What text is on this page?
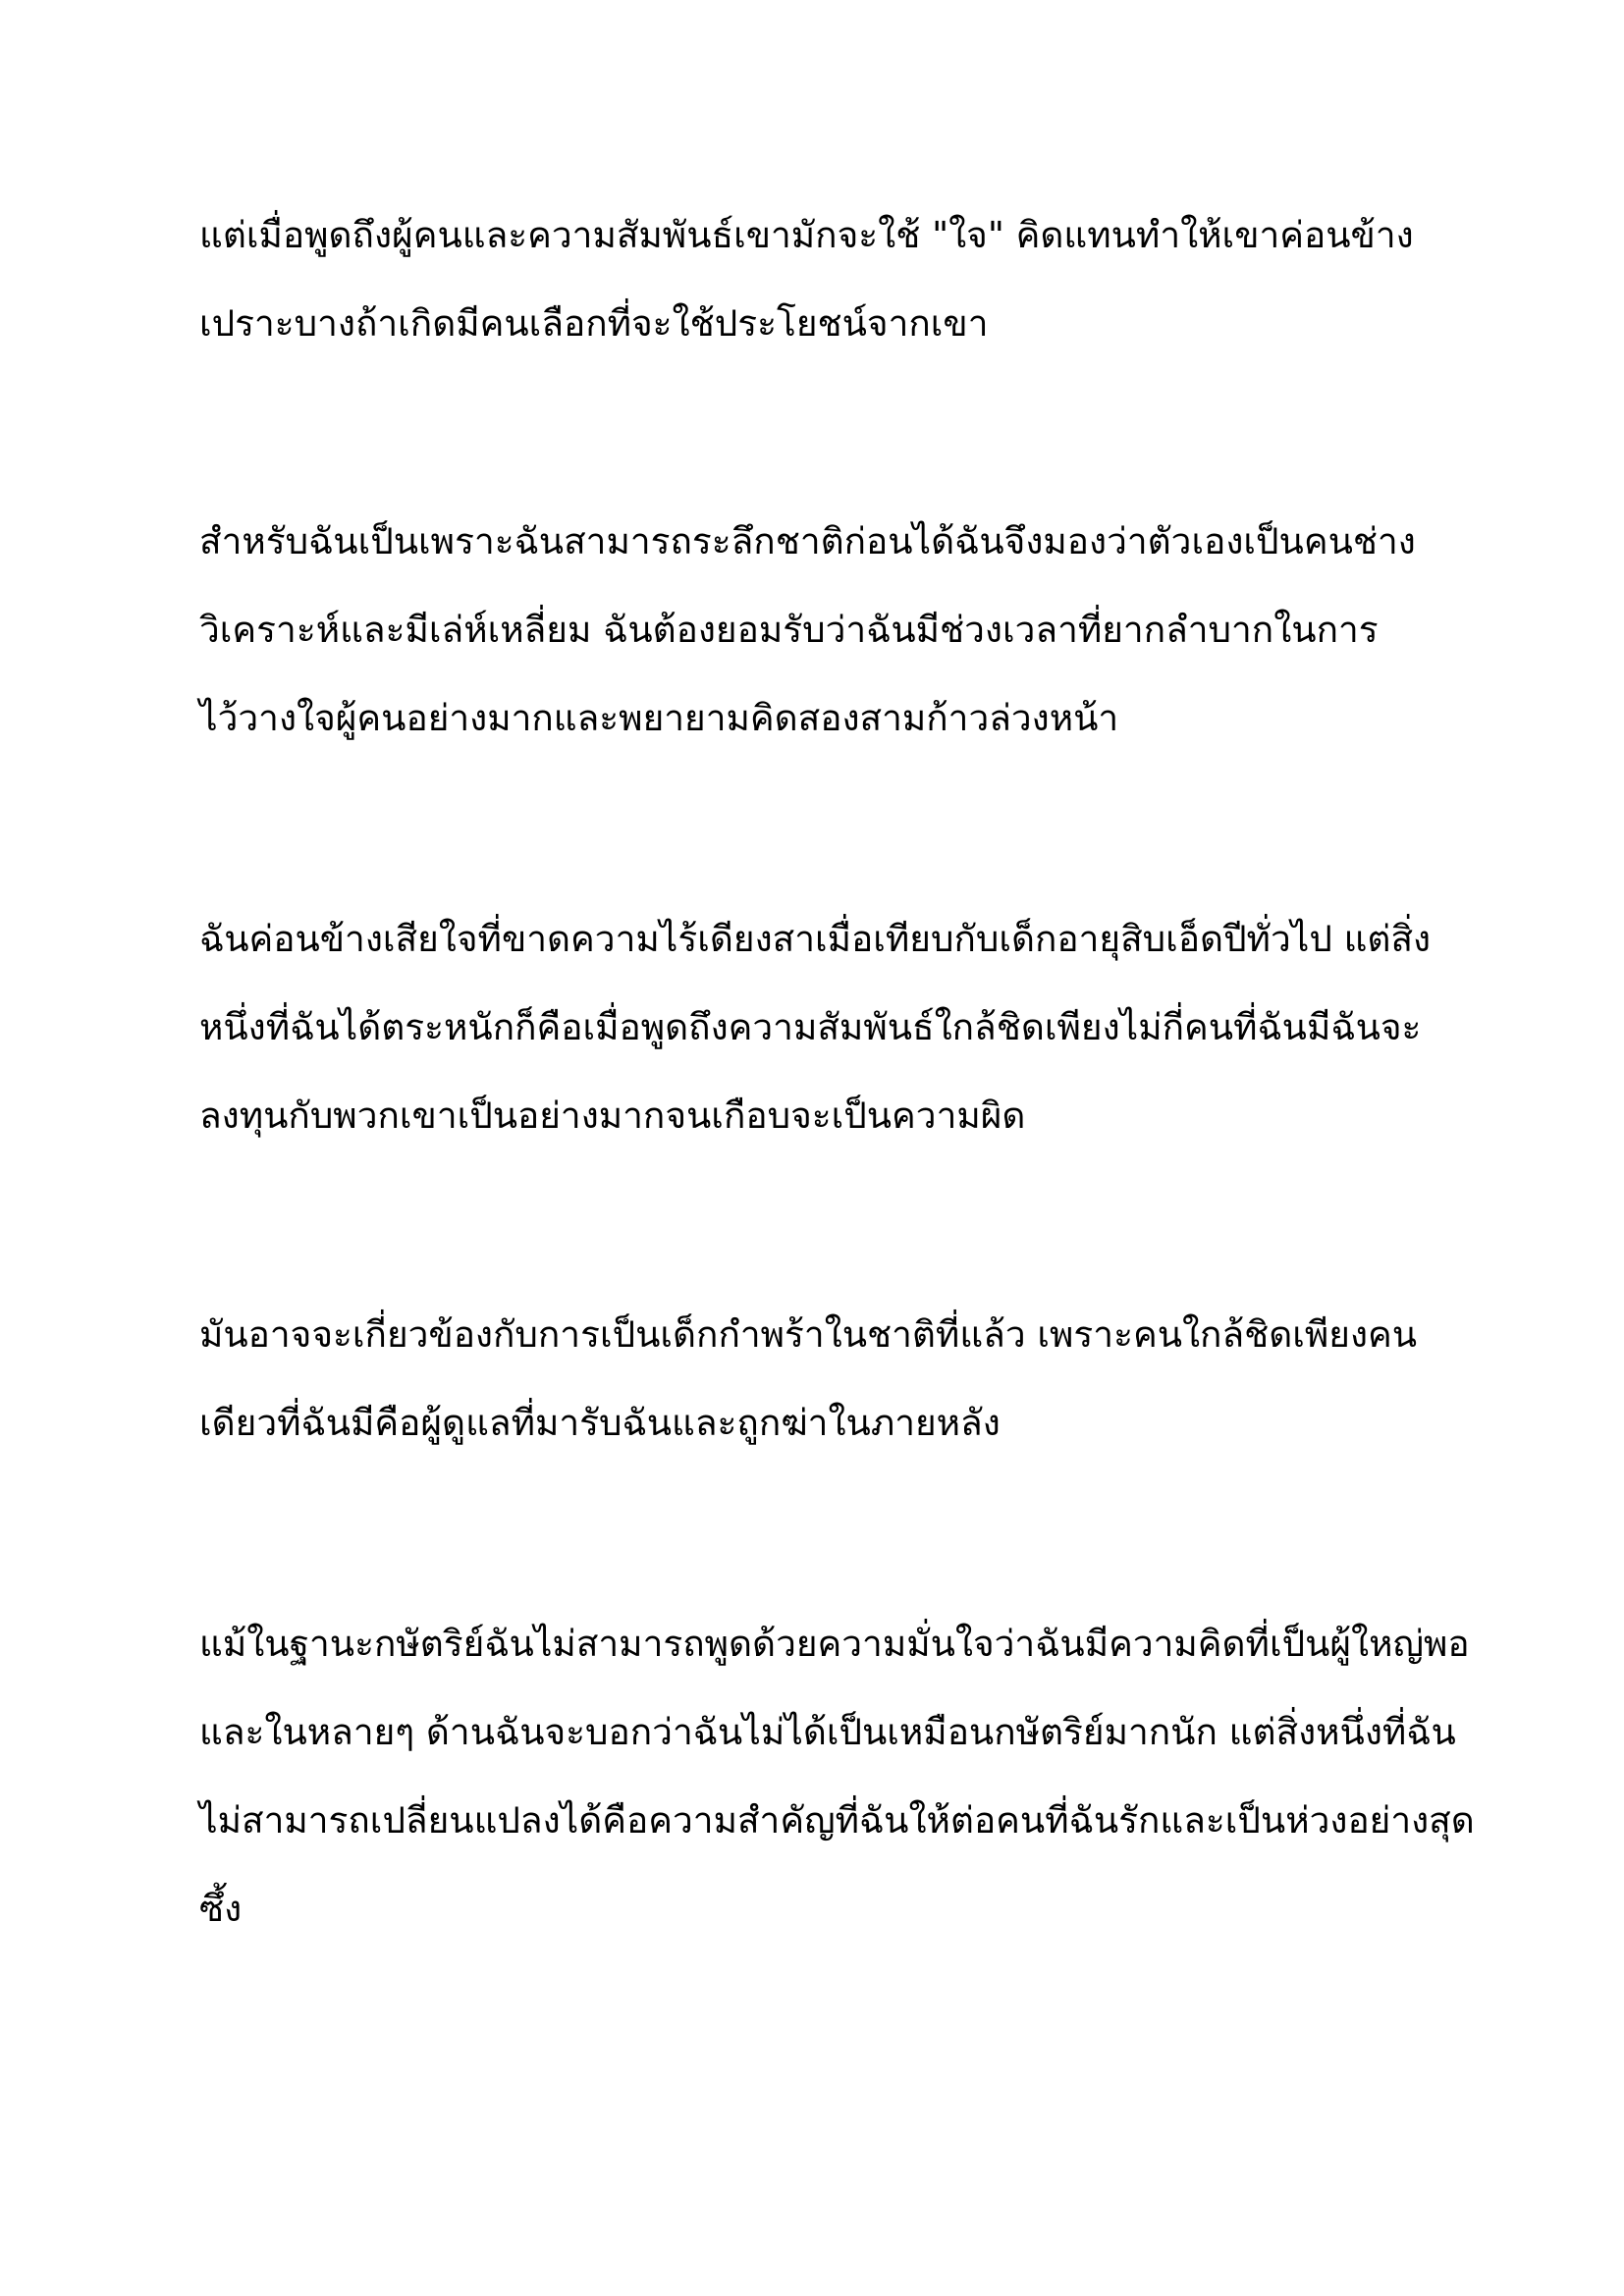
แต่เมื่อพูดถึงผู้คนและความสัมพันธ์เขามักจะใช้ "ใจ" คิดแทนทำให้เขาค่อนข้าง
เปราะบางถ้าเกิดมีคนเลือกที่จะใช้ประโยชน์จากเขา
สำหรับฉันเป็นเพราะฉันสามารถระลึกชาติก่อนได้ฉันจึงมองว่าตัวเองเป็นคนช่าง
วิเคราะห์และมีเล่ห์เหลี่ยม ฉันต้องยอมรับว่าฉันมีช่วงเวลาที่ยากลำบากในการ
ไว้วางใจผู้คนอย่างมากและพยายามคิดสองสามก้าวล่วงหน้า
ฉันค่อนข้างเสียใจที่ขาดความไร้เดียงสาเมื่อเทียบกับเด็กอายุสิบเอ็ดปีทั่วไป แต่สิ่ง
หนึ่งที่ฉันได้ตระหนักก็คือเมื่อพูดถึงความสัมพันธ์ใกล้ชิดเพียงไม่กี่คนที่ฉันมีฉันจะ
ลงทุนกับพวกเขาเป็นอย่างมากจนเกือบจะเป็นความผิด
มันอาจจะเกี่ยวข้องกับการเป็นเด็กกำพร้าในชาติที่แล้ว เพราะคนใกล้ชิดเพียงคน
เดียวที่ฉันมีคือผู้ดูแลที่มารับฉันและถูกฆ่าในภายหลัง
แม้ในฐานะกษัตริย์ฉันไม่สามารถพูดด้วยความมั่นใจว่าฉันมีความคิดที่เป็นผู้ใหญ่พอ
และในหลายๆ ด้านฉันจะบอกว่าฉันไม่ได้เป็นเหมือนกษัตริย์มากนัก แต่สิ่งหนึ่งที่ฉัน
ไม่สามารถเปลี่ยนแปลงได้คือความสำคัญที่ฉันให้ต่อคนที่ฉันรักและเป็นห่วงอย่างสุด
ซึ้ง
